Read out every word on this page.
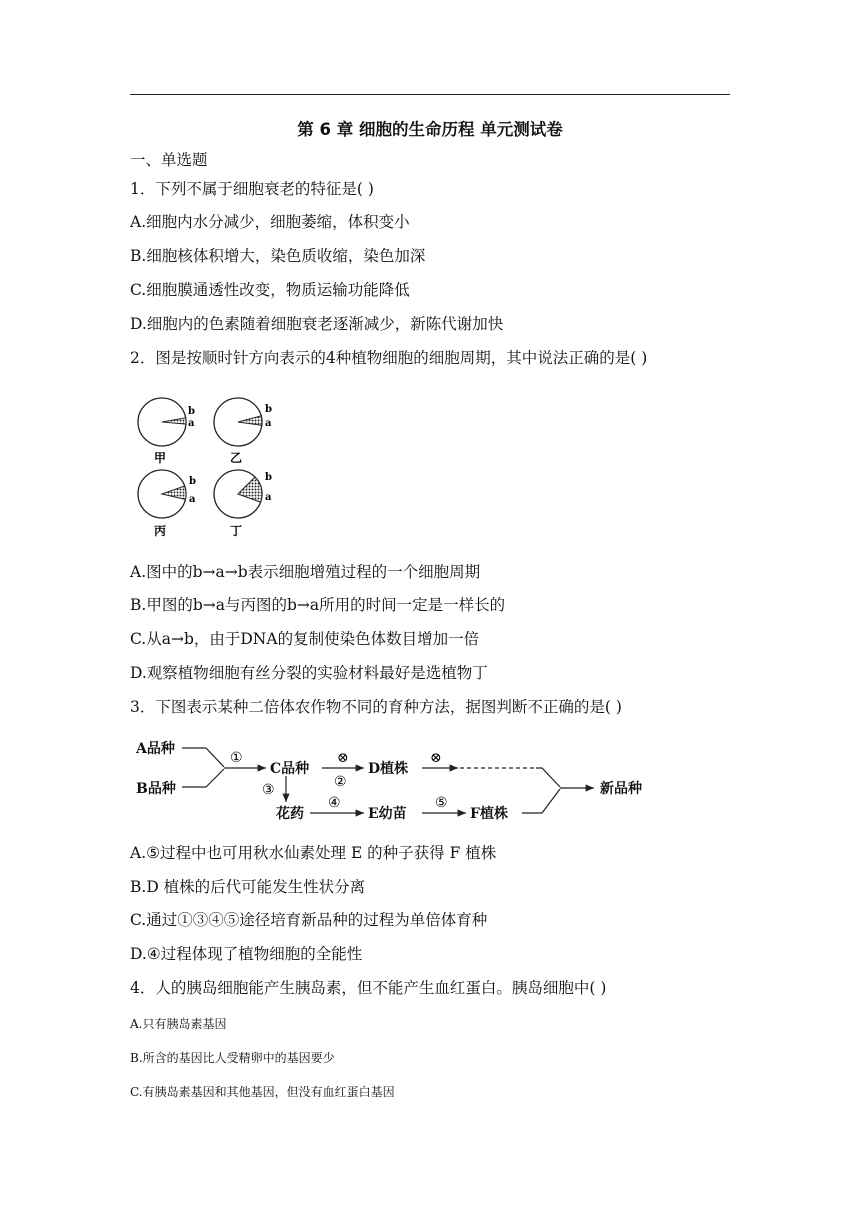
第 6 章 细胞的生命历程 单元测试卷
一、单选题
1．下列不属于细胞衰老的特征是( )
A.细胞内水分减少，细胞萎缩，体积变小
B.细胞核体积增大，染色质收缩，染色加深
C.细胞膜通透性改变，物质运输功能降低
D.细胞内的色素随着细胞衰老逐渐减少，新陈代谢加快
2．图是按顺时针方向表示的4种植物细胞的细胞周期，其中说法正确的是( )
b
a
甲
b
a
乙
b
a
丙
b
a
丁
A.图中的b→a→b表示细胞增殖过程的一个细胞周期
B.甲图的b→a与丙图的b→a所用的时间一定是一样长的
C.从a→b，由于DNA的复制使染色体数目增加一倍
D.观察植物细胞有丝分裂的实验材料最好是选植物丁
3．下图表示某种二倍体农作物不同的育种方法，据图判断不正确的是( )
A品种
B品种
C品种	D植株
花药	E幼苗	F植株
新品种
①	⊗
②
⊗
③
④	⑤
A.⑤过程中也可用秋水仙素处理 E 的种子获得 F 植株
B.D 植株的后代可能发生性状分离
C.通过①③④⑤途径培育新品种的过程为单倍体育种
D.④过程体现了植物细胞的全能性
4．人的胰岛细胞能产生胰岛素，但不能产生血红蛋白。胰岛细胞中( )
A.只有胰岛素基因
B.所含的基因比人受精卵中的基因要少
C.有胰岛素基因和其他基因，但没有血红蛋白基因
